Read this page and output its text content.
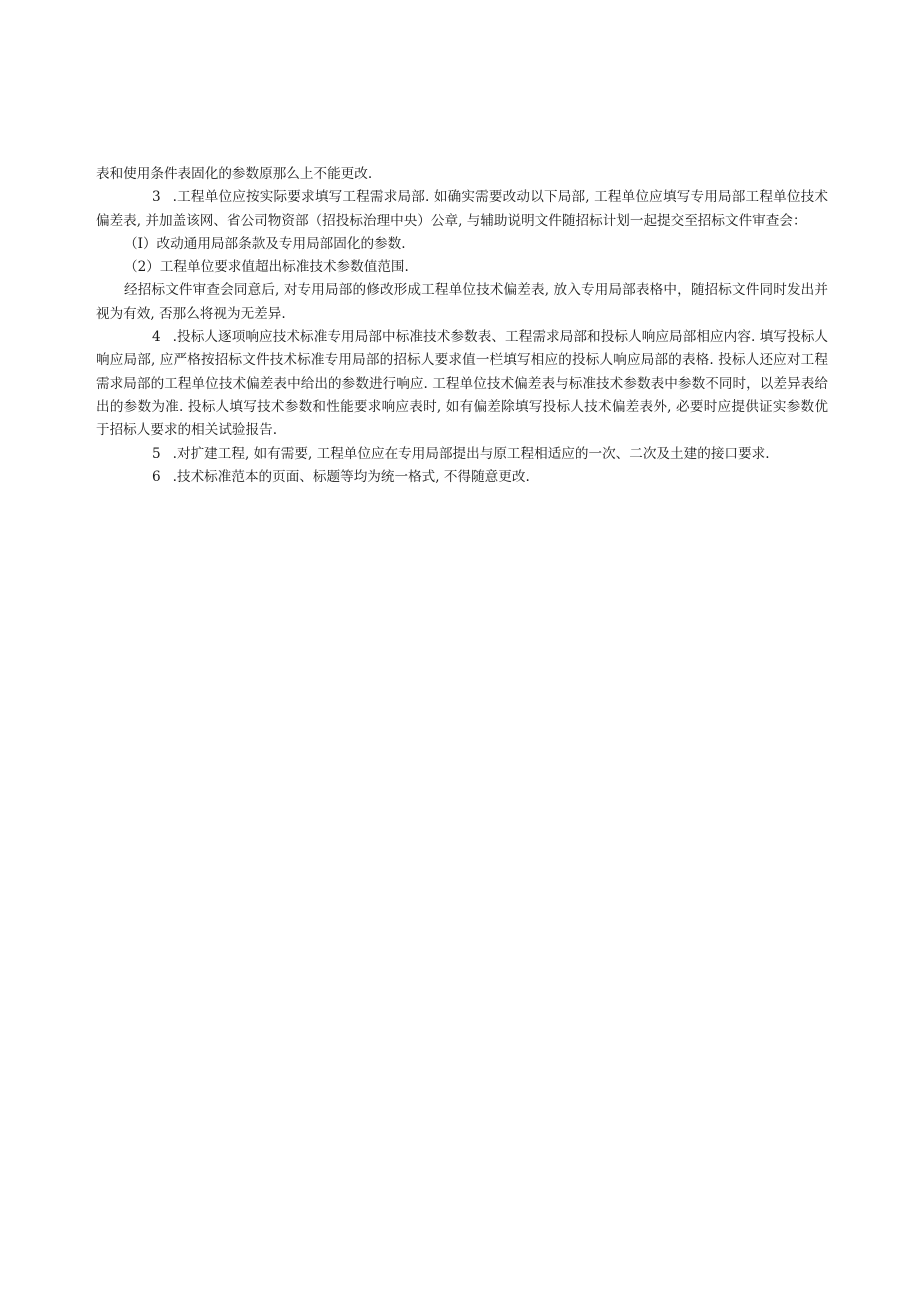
表和使用条件表固化的参数原那么上不能更改.

3 .工程单位应按实际要求填写工程需求局部. 如确实需要改动以下局部, 工程单位应填写专用局部工程单位技术偏差表, 并加盖该网、省公司物资部（招投标治理中央）公章, 与辅助说明文件随招标计划一起提交至招标文件审查会：

（I）改动通用局部条款及专用局部固化的参数.

（2）工程单位要求值超出标准技术参数值范围.

经招标文件审查会同意后, 对专用局部的修改形成工程单位技术偏差表, 放入专用局部表格中，随招标文件同时发出并视为有效, 否那么将视为无差异.

4 .投标人逐项响应技术标准专用局部中标准技术参数表、工程需求局部和投标人响应局部相应内容. 填写投标人响应局部, 应严格按招标文件技术标准专用局部的招标人要求值一栏填写相应的投标人响应局部的表格. 投标人还应对工程需求局部的工程单位技术偏差表中给出的参数进行响应. 工程单位技术偏差表与标准技术参数表中参数不同时，以差异表给出的参数为准. 投标人填写技术参数和性能要求响应表时, 如有偏差除填写投标人技术偏差表外, 必要时应提供证实参数优于招标人要求的相关试验报告.

5 .对扩建工程, 如有需要, 工程单位应在专用局部提出与原工程相适应的一次、二次及土建的接口要求.

6 .技术标准范本的页面、标题等均为统一格式, 不得随意更改.
